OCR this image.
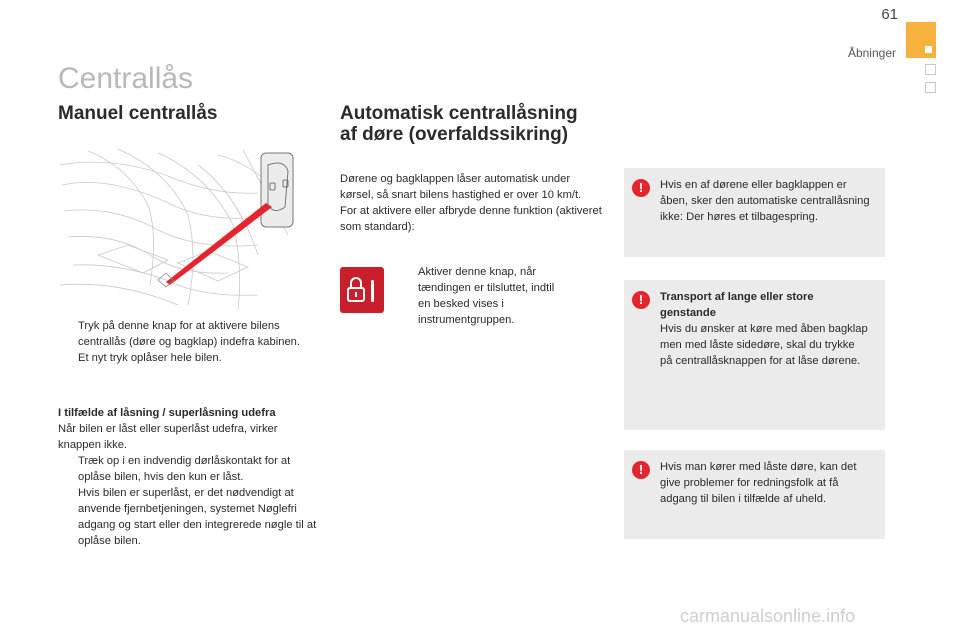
61
Åbninger
Centrallås
Manuel centrallås
Tryk på denne knap for at aktivere bilens centrallås (døre og bagklap) indefra kabinen.
Et nyt tryk oplåser hele bilen.
I tilfælde af låsning / superlåsning udefra
Når bilen er låst eller superlåst udefra, virker knappen ikke.
Træk op i en indvendig dørlåskontakt for at oplåse bilen, hvis den kun er låst.
Hvis bilen er superlåst, er det nødvendigt at anvende fjernbetjeningen, systemet Nøglefri adgang og start eller den integrerede nøgle til at oplåse bilen.
Automatisk centrallåsning
af døre (overfaldssikring)
Dørene og bagklappen låser automatisk under kørsel, så snart bilens hastighed er over 10 km/t.
For at aktivere eller afbryde denne funktion (aktiveret som standard):
Aktiver denne knap, når tændingen er tilsluttet, indtil en besked vises i instrumentgruppen.
!	Hvis en af dørene eller bagklappen er åben, sker den automatiske centrallåsning ikke: Der høres et tilbagespring.
!	Transport af lange eller store genstande
Hvis du ønsker at køre med åben bagklap men med låste sidedøre, skal du trykke på centrallåsknappen for at låse dørene.
!	Hvis man kører med låste døre, kan det give problemer for redningsfolk at få adgang til bilen i tilfælde af uheld.
carmanualsonline.info
